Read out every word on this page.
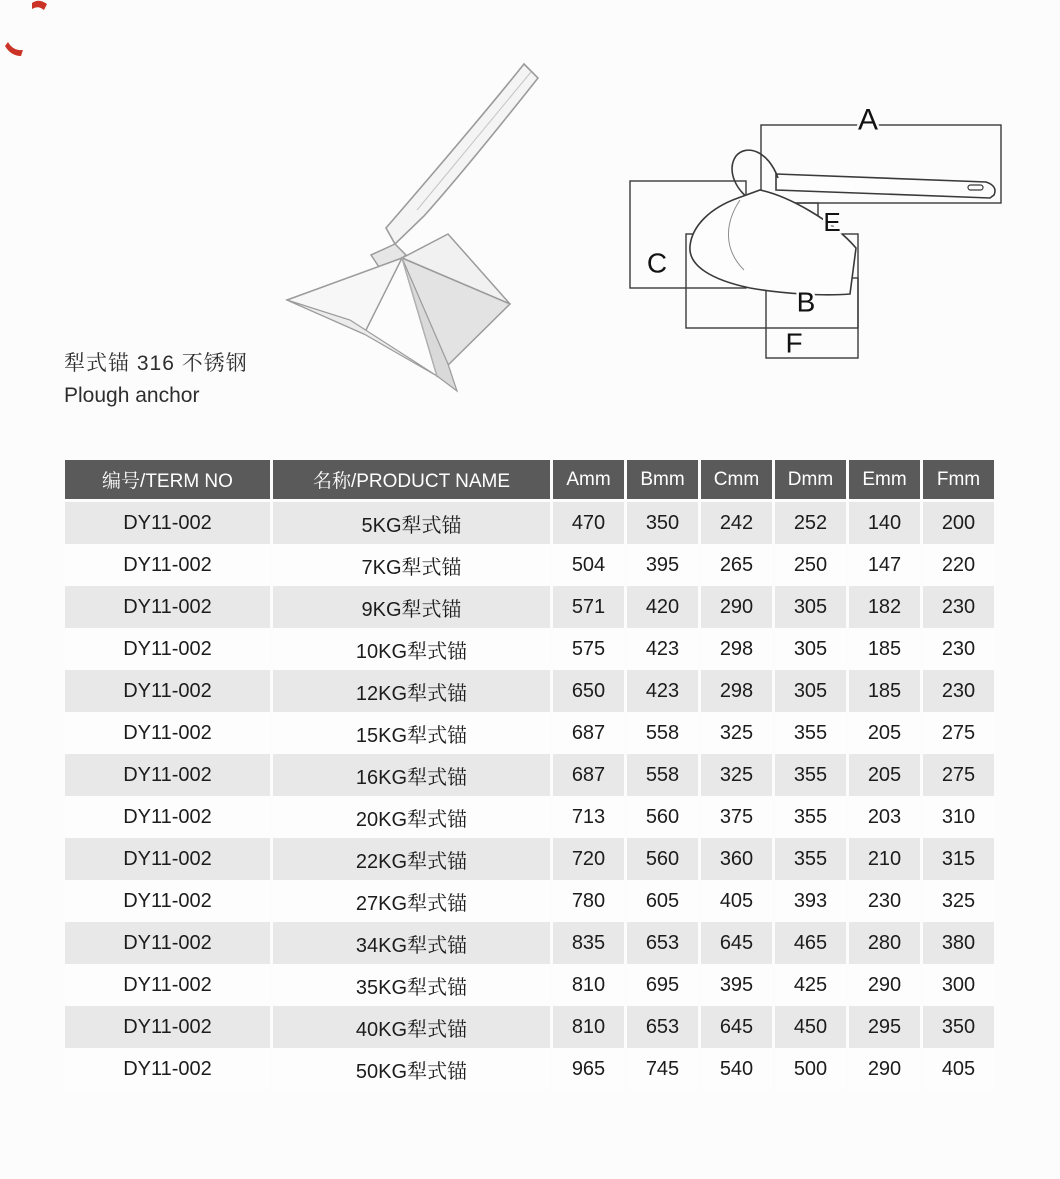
A
E
C
B
F
犁式锚 316 不锈钢
Plough anchor
编号/TERM NO	名称/PRODUCT NAME	Amm	Bmm	Cmm	Dmm	Emm	Fmm
DY11-002	5KG犁式锚	470	350	242	252	140	200
DY11-002	7KG犁式锚	504	395	265	250	147	220
DY11-002	9KG犁式锚	571	420	290	305	182	230
DY11-002	10KG犁式锚	575	423	298	305	185	230
DY11-002	12KG犁式锚	650	423	298	305	185	230
DY11-002	15KG犁式锚	687	558	325	355	205	275
DY11-002	16KG犁式锚	687	558	325	355	205	275
DY11-002	20KG犁式锚	713	560	375	355	203	310
DY11-002	22KG犁式锚	720	560	360	355	210	315
DY11-002	27KG犁式锚	780	605	405	393	230	325
DY11-002	34KG犁式锚	835	653	645	465	280	380
DY11-002	35KG犁式锚	810	695	395	425	290	300
DY11-002	40KG犁式锚	810	653	645	450	295	350
DY11-002	50KG犁式锚	965	745	540	500	290	405
